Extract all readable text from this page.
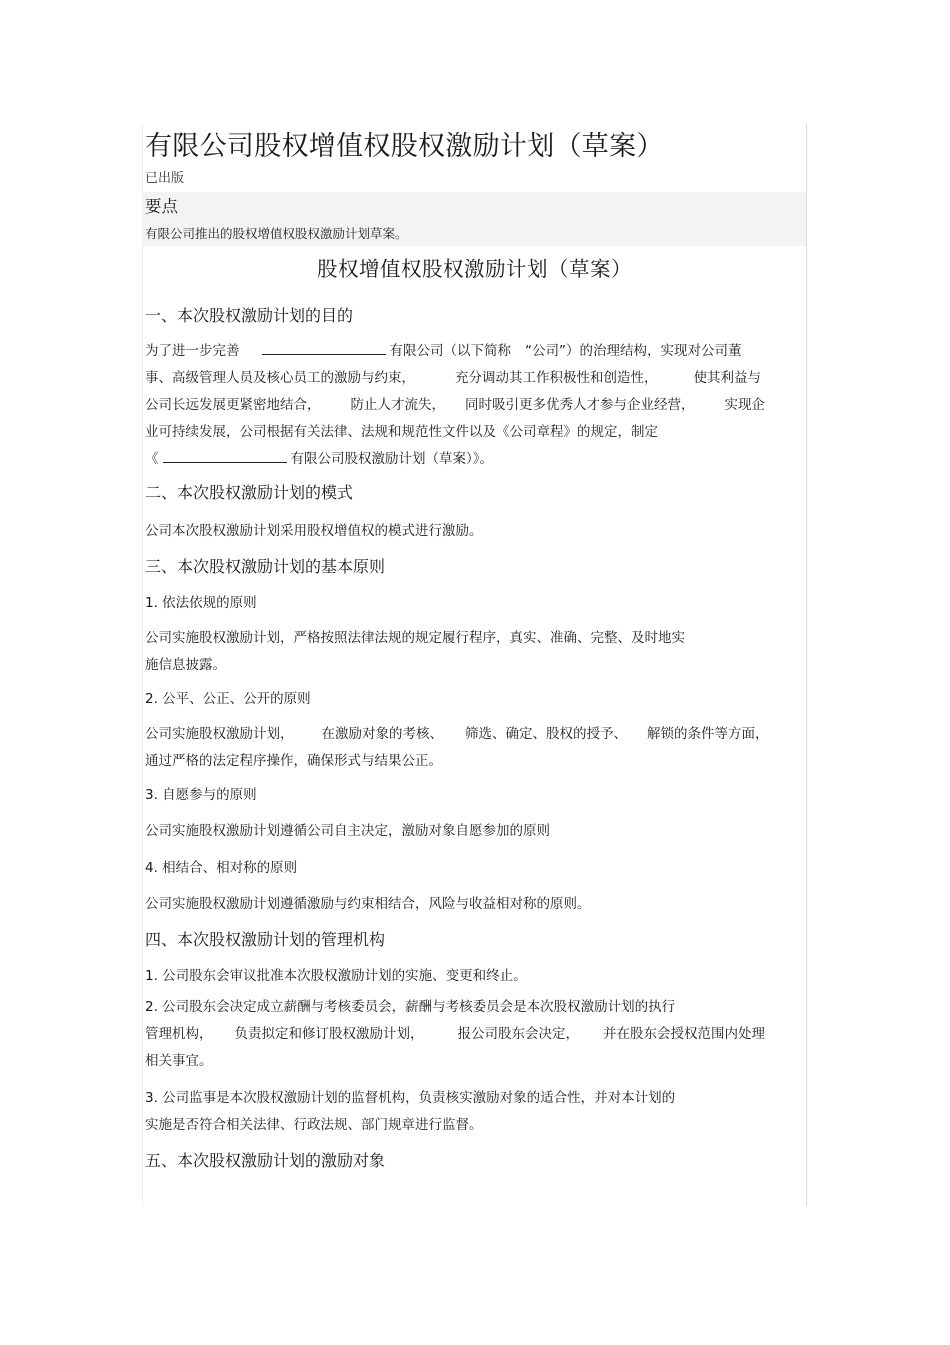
有限公司股权增值权股权激励计划（草案）
已出版
要点
有限公司推出的股权增值权股权激励计划草案。
股权增值权股权激励计划（草案）
一、本次股权激励计划的目的
为了进一步完善	有限公司（以下简称 “公司”）的治理结构，实现对公司董
事、高级管理人员及核心员工的激励与约束，	充分调动其工作积极性和创造性，	使其利益与
公司长远发展更紧密地结合， 防止人才流失， 同时吸引更多优秀人才参与企业经营， 实现企
业可持续发展，公司根据有关法律、法规和规范性文件以及《公司章程》的规定，制定
《	有限公司股权激励计划（草案）》。
二、本次股权激励计划的模式
公司本次股权激励计划采用股权增值权的模式进行激励。
三、本次股权激励计划的基本原则
1. 依法依规的原则
公司实施股权激励计划，严格按照法律法规的规定履行程序，真实、准确、完整、及时地实
施信息披露。
2. 公平、公正、公开的原则
公司实施股权激励计划， 在激励对象的考核、 筛选、确定、股权的授予、 解锁的条件等方面，
通过严格的法定程序操作，确保形式与结果公正。
3. 自愿参与的原则
公司实施股权激励计划遵循公司自主决定，激励对象自愿参加的原则
4. 相结合、相对称的原则
公司实施股权激励计划遵循激励与约束相结合，风险与收益相对称的原则。
四、本次股权激励计划的管理机构
1. 公司股东会审议批准本次股权激励计划的实施、变更和终止。
2. 公司股东会决定成立薪酬与考核委员会，薪酬与考核委员会是本次股权激励计划的执行
管理机构， 负责拟定和修订股权激励计划，	报公司股东会决定， 并在股东会授权范围内处理
相关事宜。
3. 公司监事是本次股权激励计划的监督机构，负责核实激励对象的适合性，并对本计划的
实施是否符合相关法律、行政法规、部门规章进行监督。
五、本次股权激励计划的激励对象
